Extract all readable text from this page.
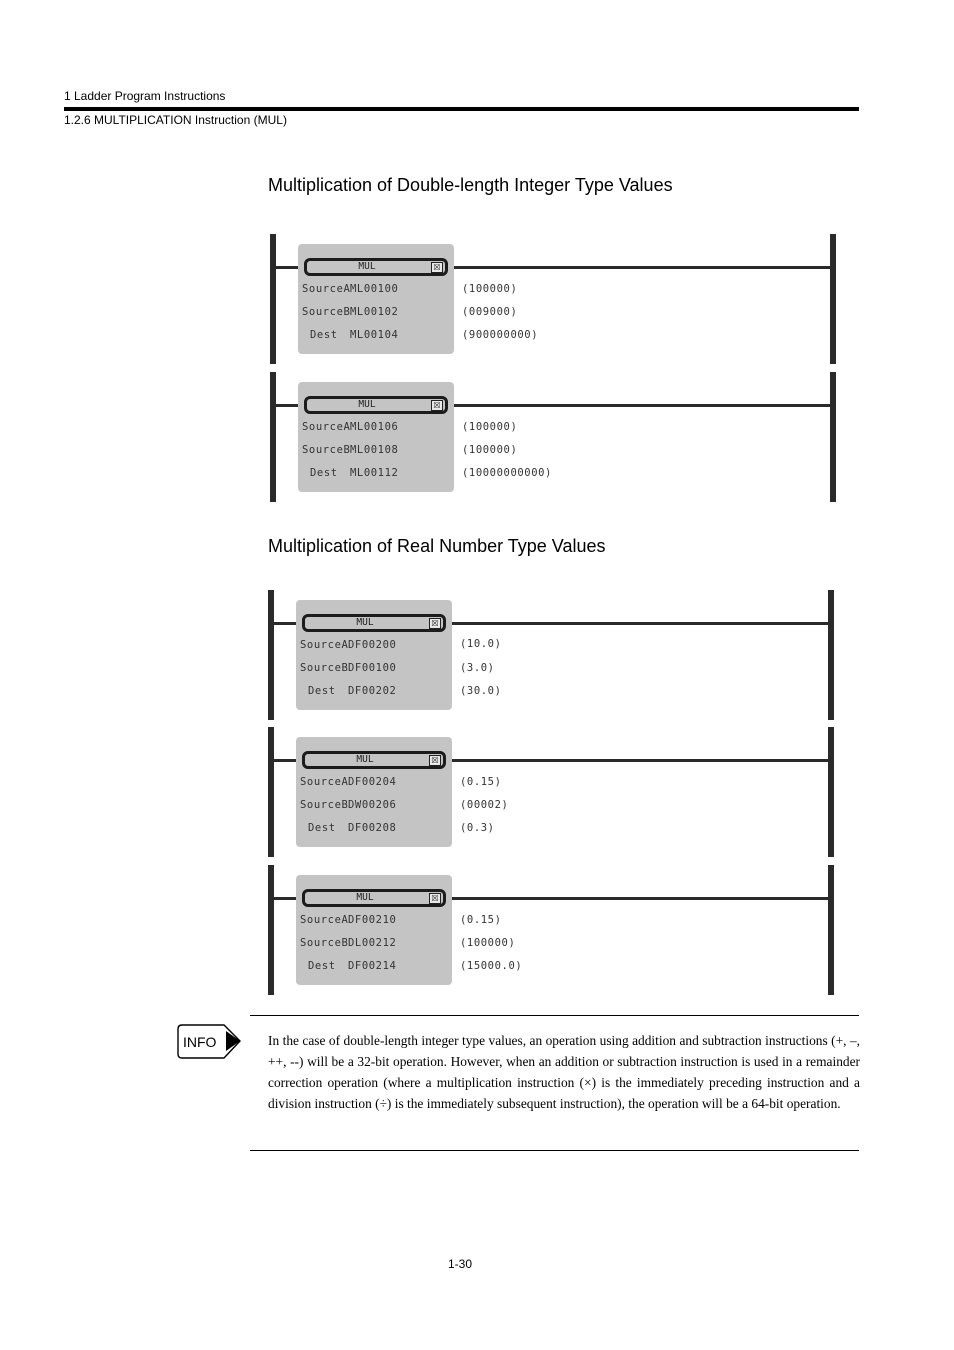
1 Ladder Program Instructions
1.2.6 MULTIPLICATION Instruction (MUL)
Multiplication of Double-length Integer Type Values
MUL	☒
SourceA ML00100	(100000)
SourceB ML00102	(009000)
Dest ML00104	(900000000)
MUL	☒
SourceA ML00106	(100000)
SourceB ML00108	(100000)
Dest ML00112	(10000000000)
Multiplication of Real Number Type Values
MUL	☒
SourceA DF00200	(10.0)
SourceB DF00100	(3.0)
Dest DF00202	(30.0)
MUL	☒
SourceA DF00204	(0.15)
SourceB DW00206	(00002)
Dest DF00208	(0.3)
MUL	☒
SourceA DF00210	(0.15)
SourceB DL00212	(100000)
Dest DF00214	(15000.0)
INFO	In the case of double-length integer type values, an operation using addition and subtraction instructions (+, –, ++, --) will be a 32-bit operation. However, when an addition or subtraction instruction is used in a remainder correction operation (where a multiplication instruction (×) is the immediately preceding instruction and a division instruction (÷) is the immediately subsequent instruction), the operation will be a 64-bit operation.
1-30
